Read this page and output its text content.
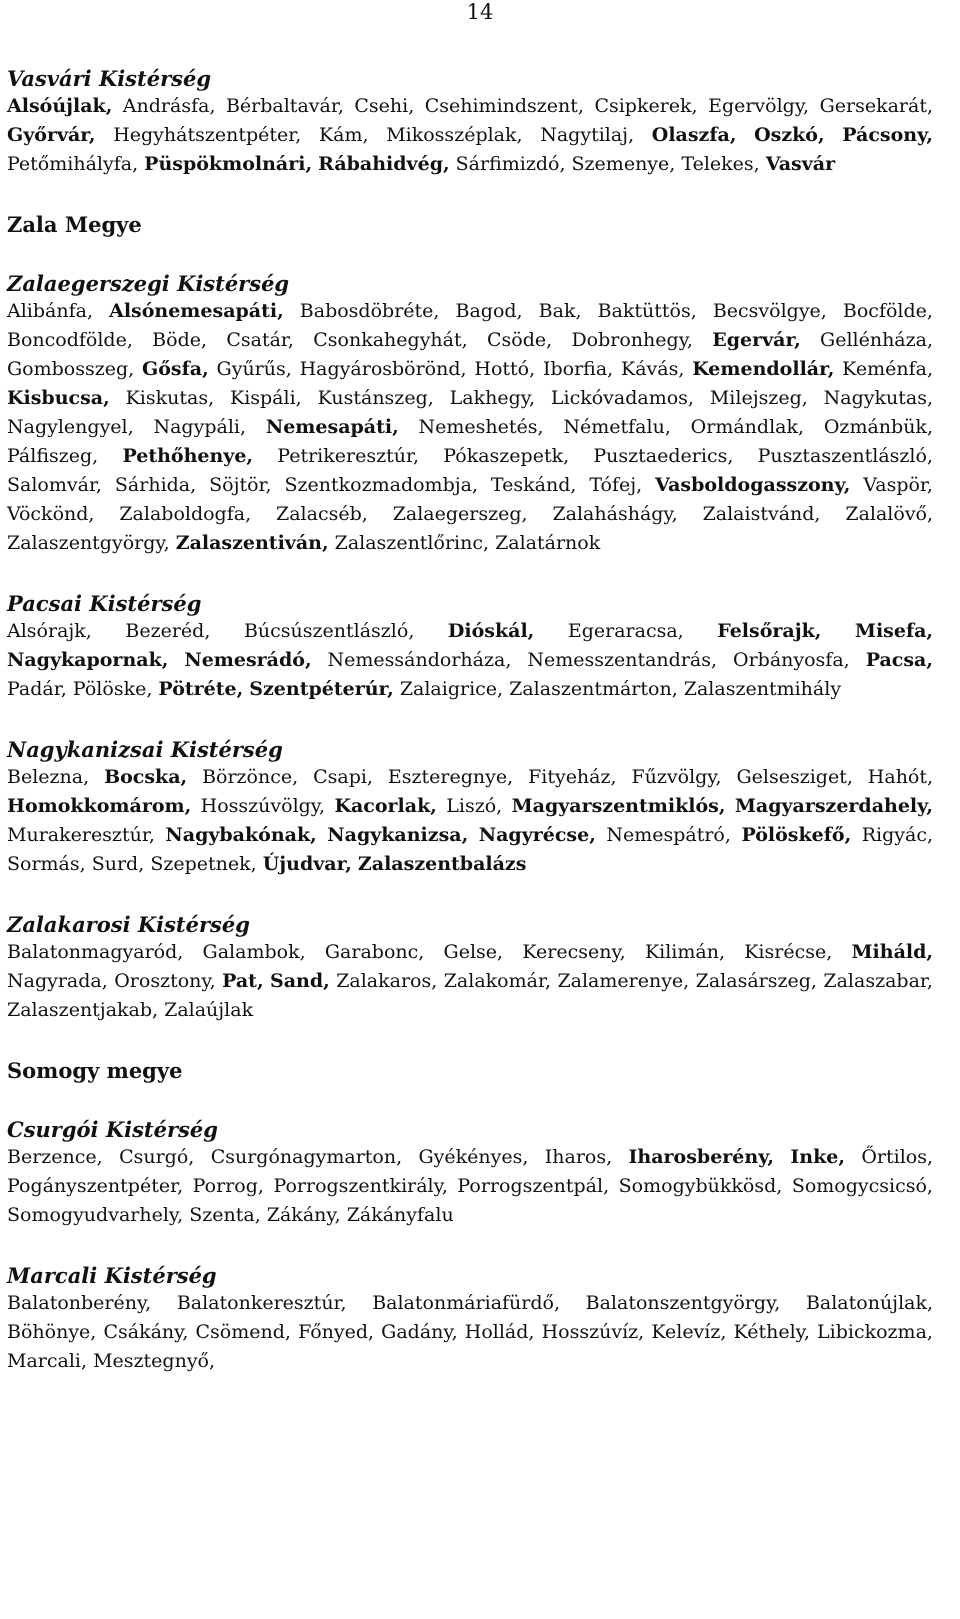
14
Vasvári Kistérség
Alsóújlak, Andrásfa, Bérbaltavár, Csehi, Csehimindszent, Csipkerek, Egervölgy, Gersekarát, Győrvár, Hegyhátszentpéter, Kám, Mikosszéplak, Nagytilaj, Olaszfa, Oszkó, Pácsony, Petőmihályfa, Püspökmolnári, Rábahidvég, Sárfimizdó, Szemenye, Telekes, Vasvár
Zala Megye
Zalaegerszegi Kistérség
Alibánfa, Alsónemesapáti, Babosdöbréte, Bagod, Bak, Baktüttös, Becsvölgye, Bocfölde, Boncodfölde, Böde, Csatár, Csonkahegyhát, Csöde, Dobronhegy, Egervár, Gellénháza, Gombosszeg, Gősfa, Gyűrűs, Hagyárosbörönd, Hottó, Iborfia, Kávás, Kemendollár, Keménfa, Kisbucsa, Kiskutas, Kispáli, Kustánszeg, Lakhegy, Lickóvadamos, Milejszeg, Nagykutas, Nagylengyel, Nagypáli, Nemesapáti, Nemeshetés, Németfalu, Ormándlak, Ozmánbük, Pálfiszeg, Pethőhenye, Petrikeresztúr, Pókaszepetk, Pusztaederics, Pusztaszentlászló, Salomvár, Sárhida, Söjtör, Szentkozmadombja, Teskánd, Tófej, Vasboldogasszony, Vaspör, Vöckönd, Zalaboldogfa, Zalacséb, Zalaegerszeg, Zalaháshágy, Zalaistvánd, Zalalövő, Zalaszentgyörgy, Zalaszentiván, Zalaszentlőrinc, Zalatárnok
Pacsai Kistérség
Alsórajk, Bezeréd, Búcsúszentlászló, Dióskál, Egeraracsa, Felsőrajk, Misefa, Nagykapornak, Nemesrádó, Nemessándorháza, Nemesszentandrás, Orbányosfa, Pacsa, Padár, Pölöske, Pötréte, Szentpéterúr, Zalaigrice, Zalaszentmárton, Zalaszentmihály
Nagykanizsai Kistérség
Belezna, Bocska, Börzönce, Csapi, Eszteregnye, Fityeház, Fűzvölgy, Gelsesziget, Hahót, Homokkomárom, Hosszúvölgy, Kacorlak, Liszó, Magyarszentmiklós, Magyarszerdahely, Murakeresztúr, Nagybakónak, Nagykanizsa, Nagyrécse, Nemespátró, Pölöskefő, Rigyác, Sormás, Surd, Szepetnek, Újudvar, Zalaszentbalázs
Zalakarosi Kistérség
Balatonmagyaród, Galambok, Garabonc, Gelse, Kerecseny, Kilimán, Kisrécse, Miháld, Nagyrada, Orosztony, Pat, Sand, Zalakaros, Zalakomár, Zalamerenye, Zalasárszeg, Zalaszabar, Zalaszentjakab, Zalaújlak
Somogy megye
Csurgói Kistérség
Berzence, Csurgó, Csurgónagymarton, Gyékényes, Iharos, Iharosberény, Inke, Őrtilos, Pogányszentpéter, Porrog, Porrogszentkirály, Porrogszentpál, Somogybükkösd, Somogycsicsó, Somogyudvarhely, Szenta, Zákány, Zákányfalu
Marcali Kistérség
Balatonberény, Balatonkeresztúr, Balatonmáriafürdő, Balatonszentgyörgy, Balatonújlak, Böhönye, Csákány, Csömend, Főnyed, Gadány, Hollád, Hosszúvíz, Kelevíz, Kéthely, Libickozma, Marcali, Mesztegnyő,
